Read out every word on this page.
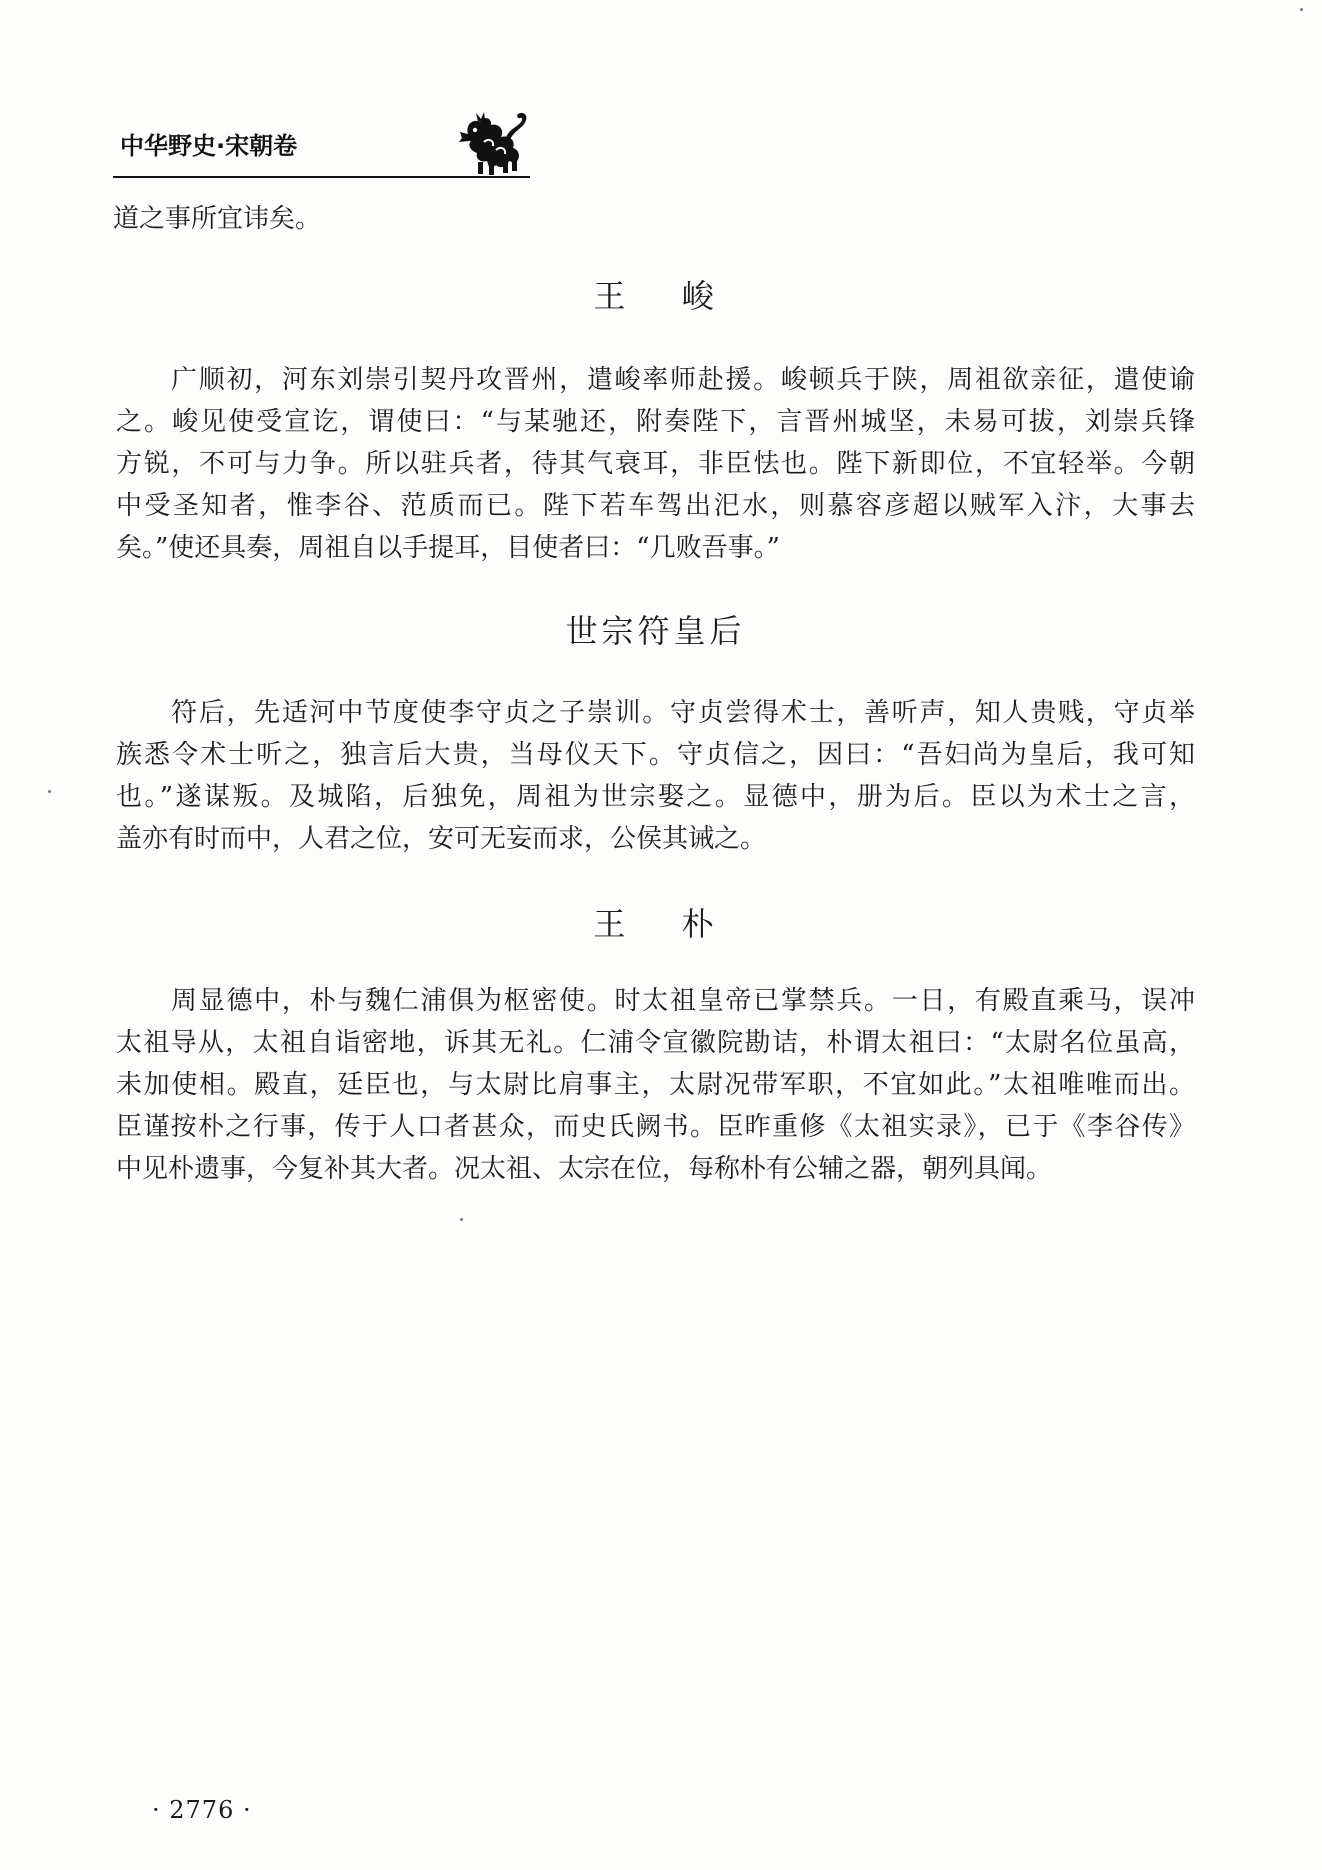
中华野史·宋朝卷
道之事所宜讳矣。
王 峻
广顺初，河东刘崇引契丹攻晋州，遣峻率师赴援。峻顿兵于陕，周祖欲亲征，遣使谕
之。峻见使受宣讫，谓使曰：“与某驰还，附奏陛下，言晋州城坚，未易可拔，刘崇兵锋
方锐，不可与力争。所以驻兵者，待其气衰耳，非臣怯也。陛下新即位，不宜轻举。今朝
中受圣知者，惟李谷、范质而已。陛下若车驾出汜水，则慕容彦超以贼军入汴，大事去
矣。”使还具奏，周祖自以手提耳，目使者曰：“几败吾事。”
世宗符皇后
符后，先适河中节度使李守贞之子崇训。守贞尝得术士，善听声，知人贵贱，守贞举
族悉令术士听之，独言后大贵，当母仪天下。守贞信之，因曰：“吾妇尚为皇后，我可知
也。”遂谋叛。及城陷，后独免，周祖为世宗娶之。显德中，册为后。臣以为术士之言，
盖亦有时而中，人君之位，安可无妄而求，公侯其诫之。
王 朴
周显德中，朴与魏仁浦俱为枢密使。时太祖皇帝已掌禁兵。一日，有殿直乘马，误冲
太祖导从，太祖自诣密地，诉其无礼。仁浦令宣徽院勘诘，朴谓太祖曰：“太尉名位虽高，
未加使相。殿直，廷臣也，与太尉比肩事主，太尉况带军职，不宜如此。”太祖唯唯而出。
臣谨按朴之行事，传于人口者甚众，而史氏阙书。臣昨重修《太祖实录》，已于《李谷传》
中见朴遗事，今复补其大者。况太祖、太宗在位，每称朴有公辅之器，朝列具闻。
· 2776 ·
